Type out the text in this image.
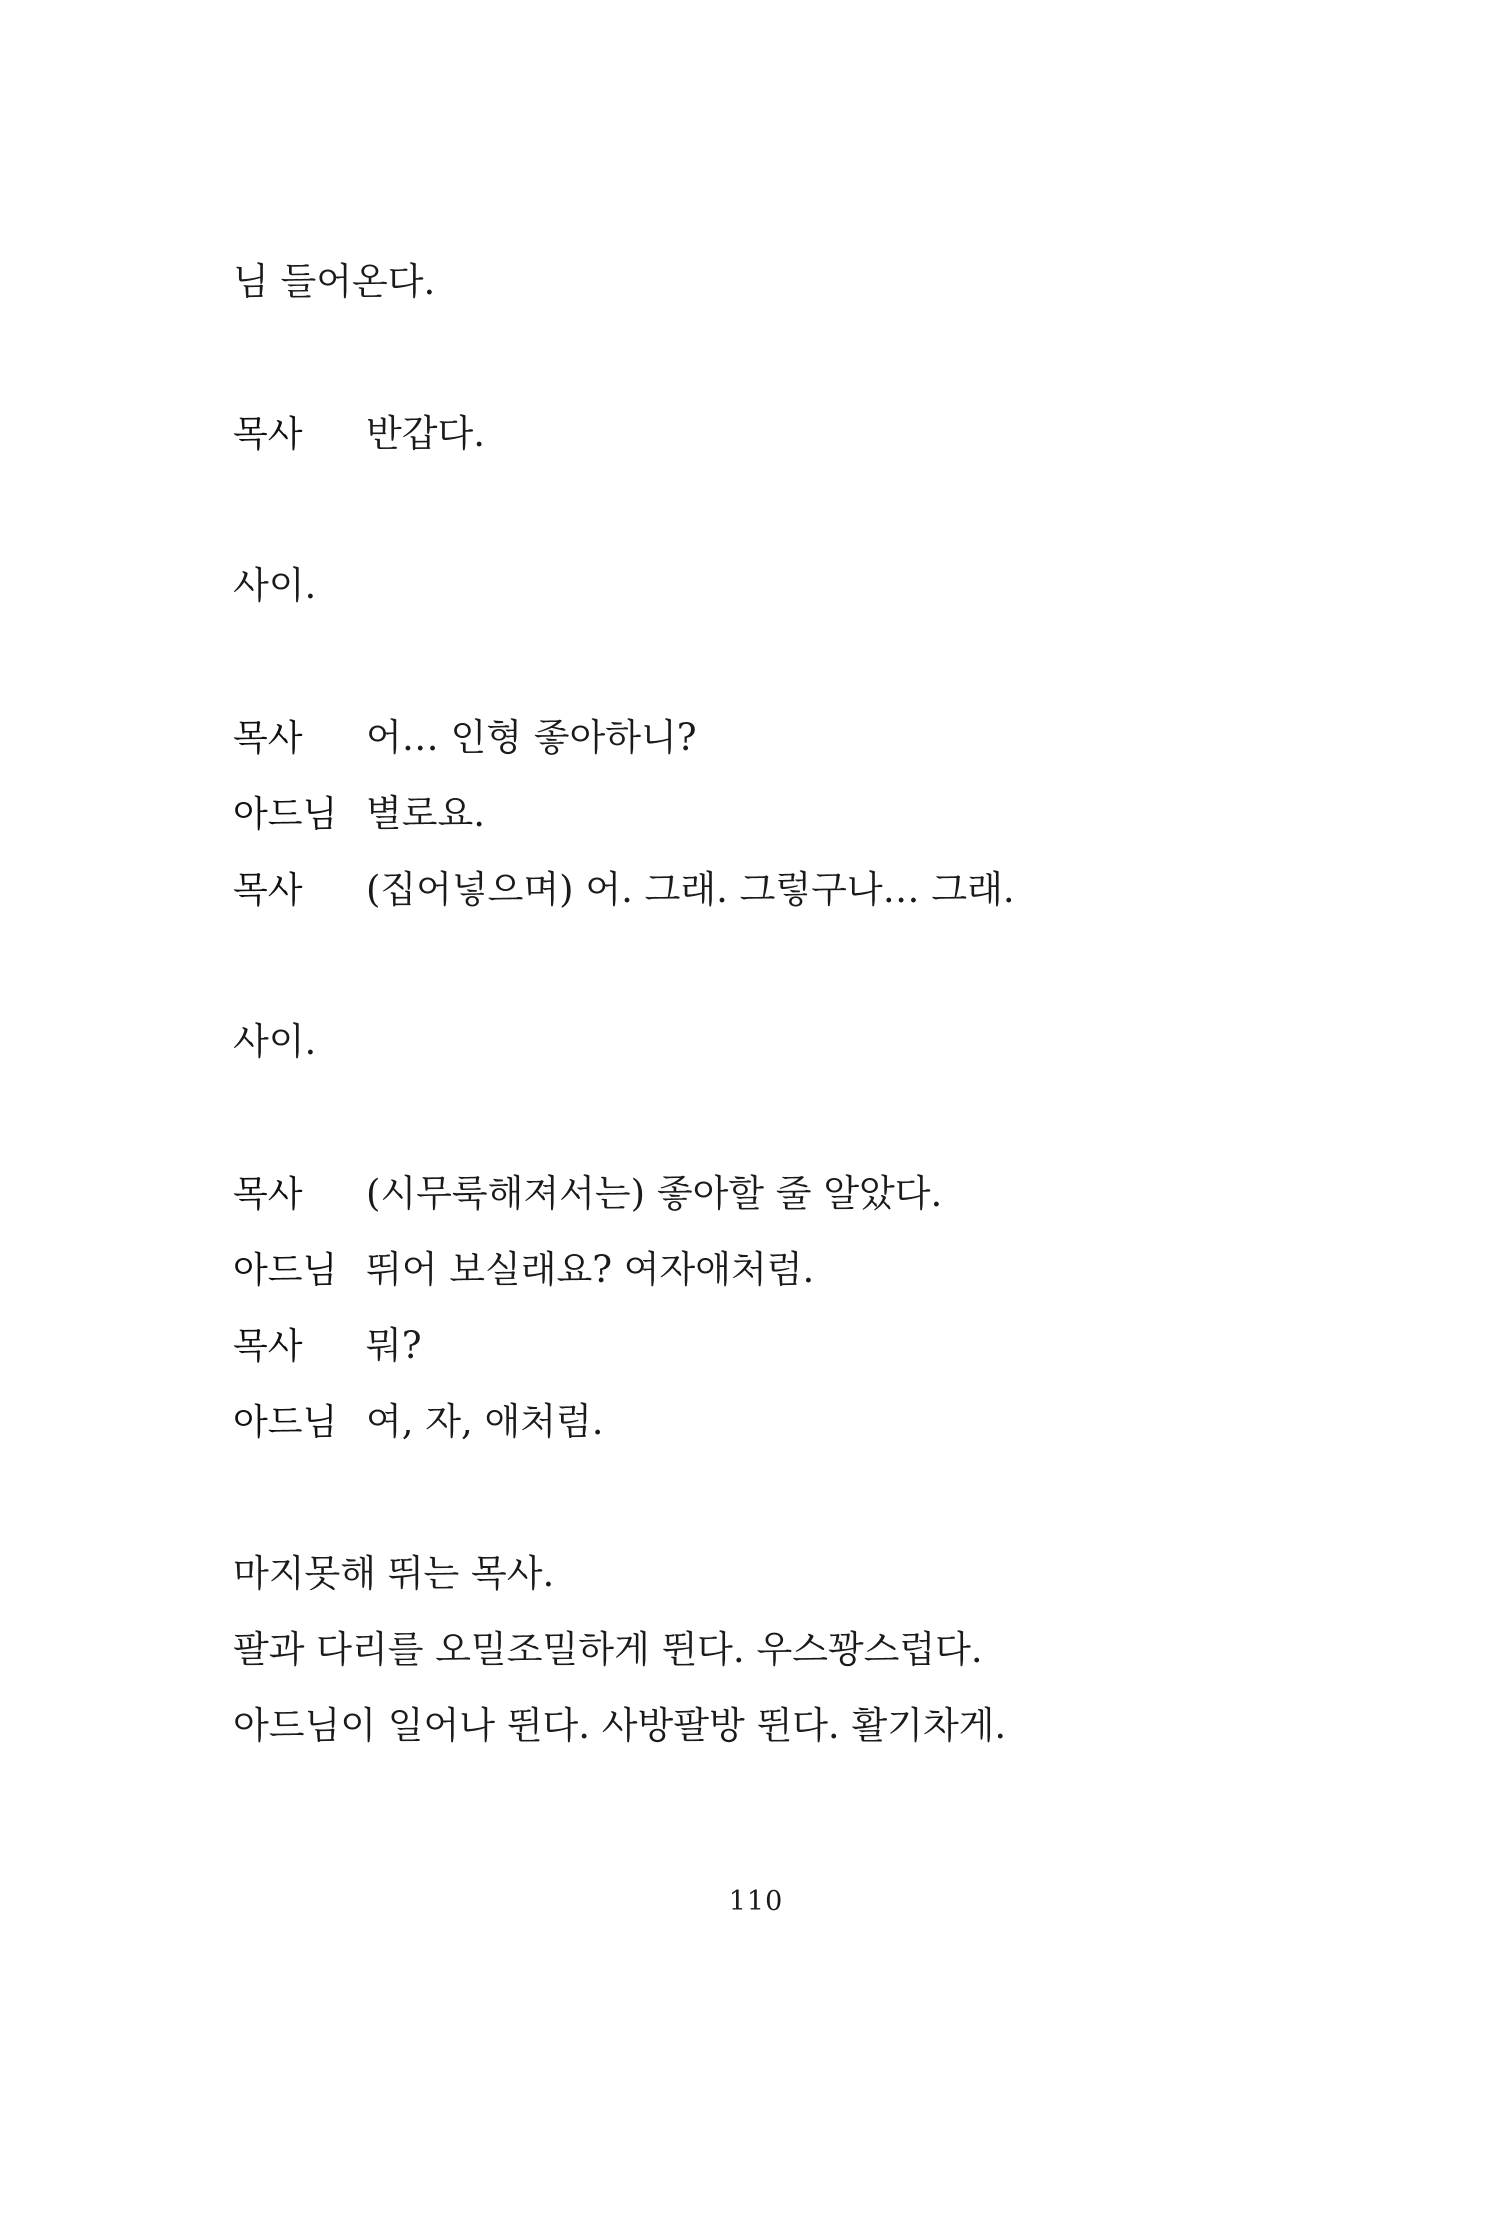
님 들어온다.
목사 반갑다.
사이.
목사 어… 인형 좋아하니?
아드님 별로요.
목사 (집어넣으며) 어. 그래. 그렇구나… 그래.
사이.
목사 (시무룩해져서는) 좋아할 줄 알았다.
아드님 뛰어 보실래요? 여자애처럼.
목사 뭐?
아드님 여, 자, 애처럼.
마지못해 뛰는 목사.
팔과 다리를 오밀조밀하게 뛴다. 우스꽝스럽다.
아드님이 일어나 뛴다. 사방팔방 뛴다. 활기차게.
110
